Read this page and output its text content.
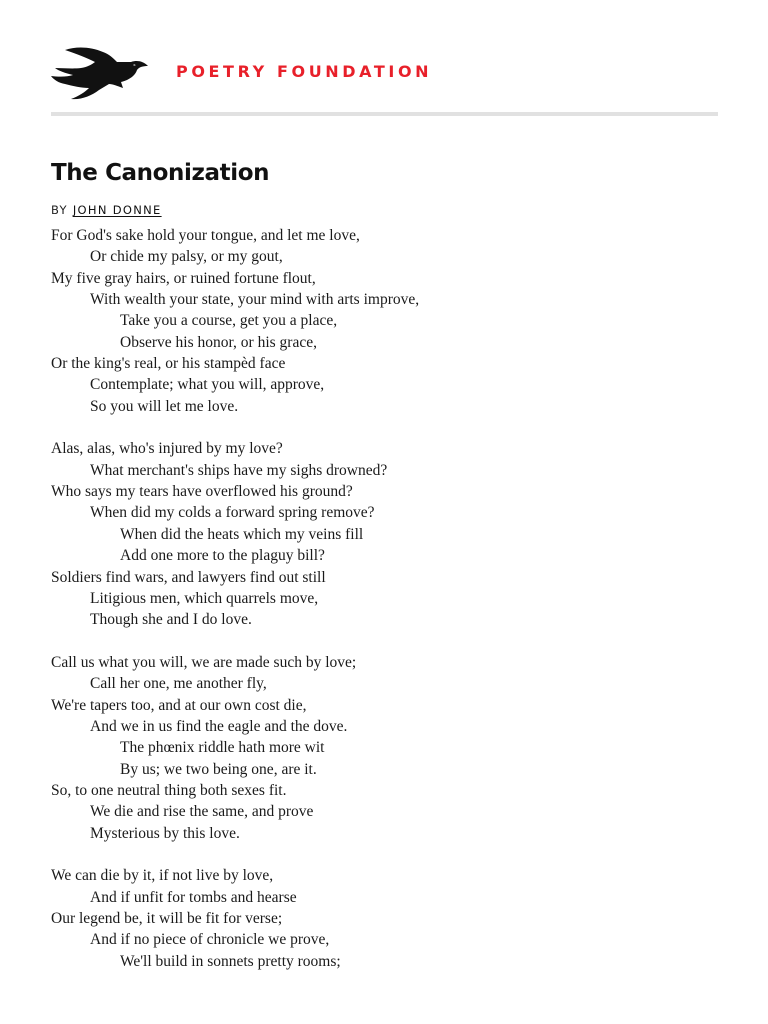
POETRY FOUNDATION
The Canonization
BY JOHN DONNE
For God's sake hold your tongue, and let me love,
Or chide my palsy, or my gout,
My five gray hairs, or ruined fortune flout,
With wealth your state, your mind with arts improve,
Take you a course, get you a place,
Observe his honor, or his grace,
Or the king's real, or his stampèd face
Contemplate; what you will, approve,
So you will let me love.
Alas, alas, who's injured by my love?
What merchant's ships have my sighs drowned?
Who says my tears have overflowed his ground?
When did my colds a forward spring remove?
When did the heats which my veins fill
Add one more to the plaguy bill?
Soldiers find wars, and lawyers find out still
Litigious men, which quarrels move,
Though she and I do love.
Call us what you will, we are made such by love;
Call her one, me another fly,
We're tapers too, and at our own cost die,
And we in us find the eagle and the dove.
The phœnix riddle hath more wit
By us; we two being one, are it.
So, to one neutral thing both sexes fit.
We die and rise the same, and prove
Mysterious by this love.
We can die by it, if not live by love,
And if unfit for tombs and hearse
Our legend be, it will be fit for verse;
And if no piece of chronicle we prove,
We'll build in sonnets pretty rooms;
